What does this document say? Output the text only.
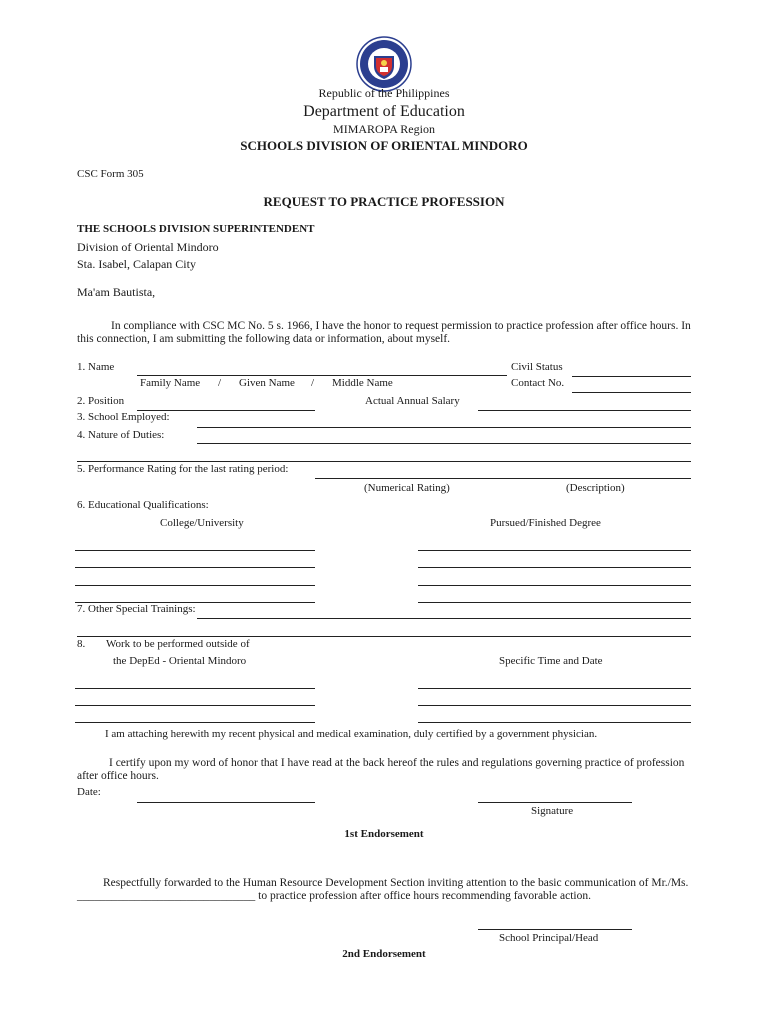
Republic of the Philippines
Department of Education
MIMAROPA Region
SCHOOLS DIVISION OF ORIENTAL MINDORO
CSC Form 305
REQUEST TO PRACTICE PROFESSION
THE SCHOOLS DIVISION SUPERINTENDENT
Division of Oriental Mindoro
Sta. Isabel, Calapan City
Ma'am Bautista,
In compliance with CSC MC No. 5 s. 1966, I have the honor to request permission to practice profession after office hours. In this connection, I am submitting the following data or information, about myself.
1. Name	Civil Status
Family Name / Given Name / Middle Name	Contact No.
2. Position	Actual Annual Salary
3. School Employed:
4. Nature of Duties:
5. Performance Rating for the last rating period:
(Numerical Rating)	(Description)
6. Educational Qualifications:
College/University	Pursued/Finished Degree
7. Other Special Trainings:
8. Work to be performed outside of
the DepEd - Oriental Mindoro	Specific Time and Date
I am attaching herewith my recent physical and medical examination, duly certified by a government physician.
I certify upon my word of honor that I have read at the back hereof the rules and regulations governing practice of profession after office hours.
Date:
Signature
1st Endorsement
Respectfully forwarded to the Human Resource Development Section inviting attention to the basic communication of Mr./Ms. _______________________________ to practice profession after office hours recommending favorable action.
School Principal/Head
2nd Endorsement
